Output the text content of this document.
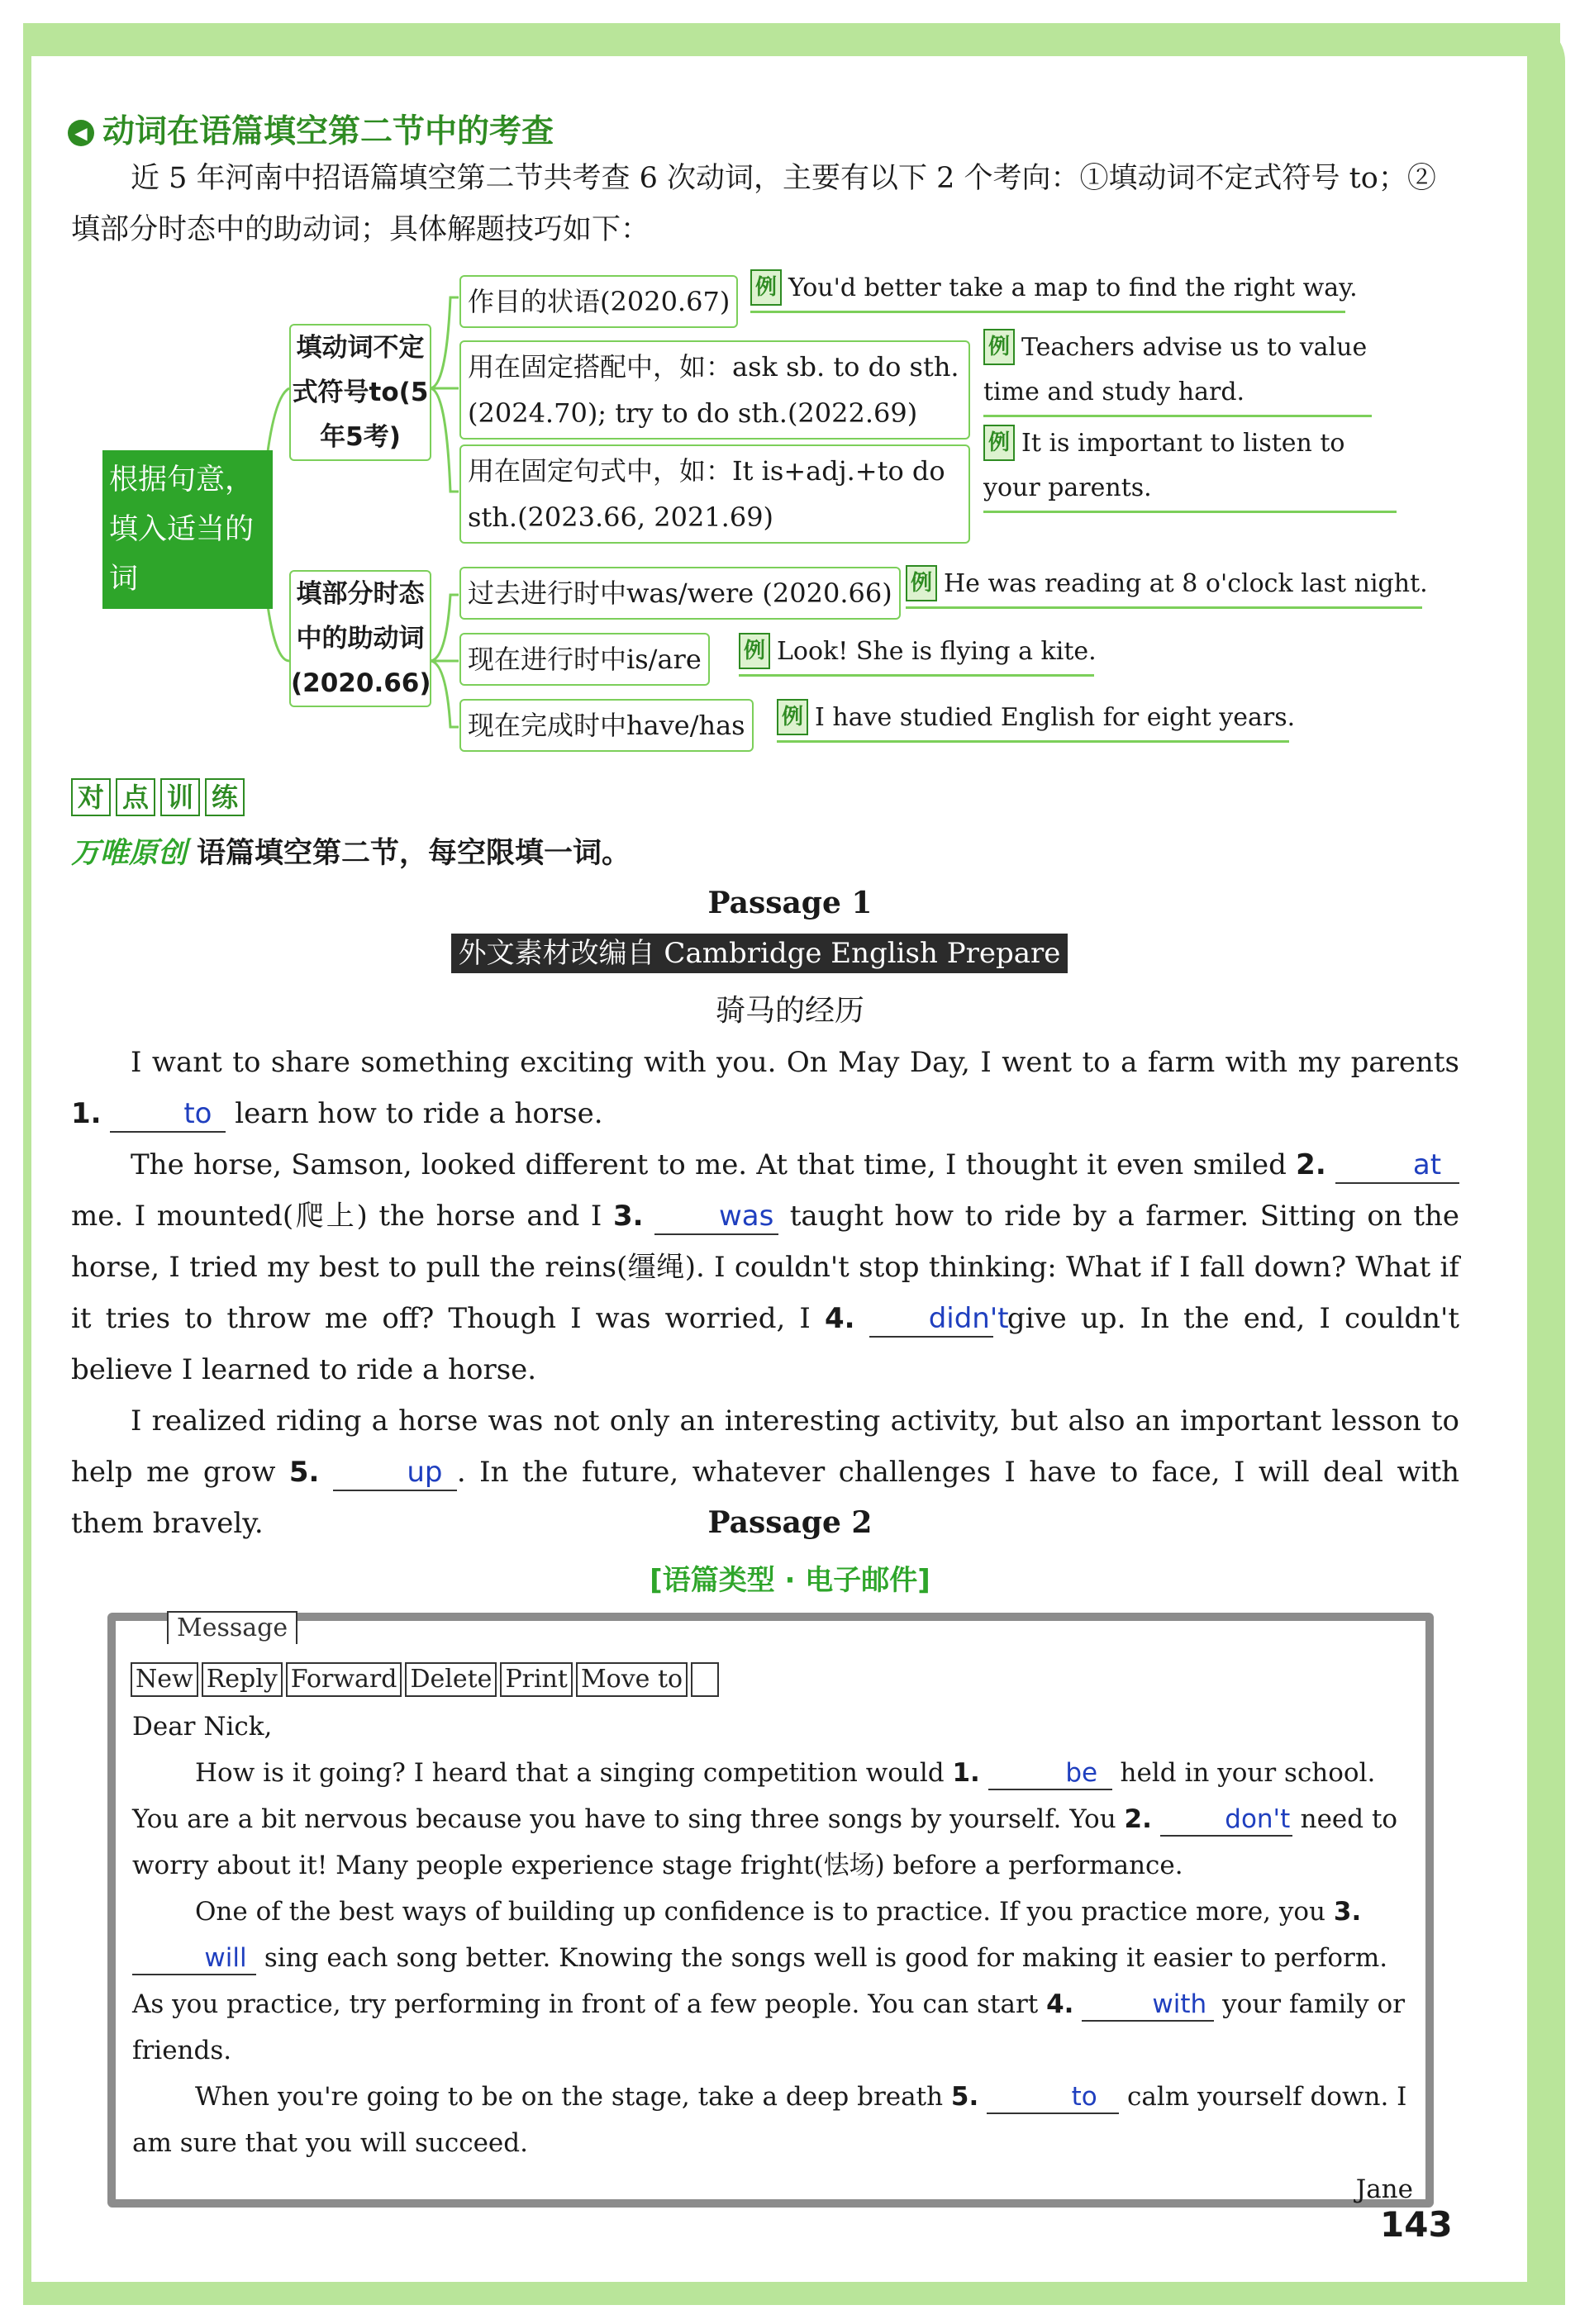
◀ 动词在语篇填空第二节中的考查
近 5 年河南中招语篇填空第二节共考查 6 次动词，主要有以下 2 个考向：①填动词不定式符号 to；②填部分时态中的助动词；具体解题技巧如下：
根据句意，填入适当的词
填动词不定式符号to(5年5考)
填部分时态中的助动词(2020.66)
作目的状语(2020.67)
用在固定搭配中，如：ask sb. to do sth.(2024.70); try to do sth.(2022.69)
用在固定句式中，如：It is+adj.+to do sth.(2023.66, 2021.69)
过去进行时中was/were (2020.66)
现在进行时中is/are
现在完成时中have/has
例 You'd better take a map to find the right way.
例 Teachers advise us to value time and study hard.
例 It is important to listen to your parents.
例 He was reading at 8 o'clock last night.
例 Look! She is flying a kite.
例 I have studied English for eight years.
对 点 训 练
万唯原创 语篇填空第二节，每空限填一词。
Passage 1
外文素材改编自 Cambridge English Prepare
骑马的经历

I want to share something exciting with you. On May Day, I went to a farm with my parents 1.	to learn how to ride a horse.

The horse, Samson, looked different to me. At that time, I thought it even smiled 2.	at me. I mounted(爬上) the horse and I 3.	was taught how to ride by a farmer. Sitting on the horse, I tried my best to pull the reins(缰绳). I couldn't stop thinking: What if I fall down? What if it tries to throw me off? Though I was worried, I 4.	didn't give up. In the end, I couldn't believe I learned to ride a horse.

I realized riding a horse was not only an interesting activity, but also an important lesson to help me grow 5.	up . In the future, whatever challenges I have to face, I will deal with them bravely.	Passage 2
[语篇类型 · 电子邮件]
Message
New Reply Forward Delete Print Move to

Dear Nick,

How is it going? I heard that a singing competition would 1.	be held in your school. You are a bit nervous because you have to sing three songs by yourself. You 2.	don't need to worry about it! Many people experience stage fright(怯场) before a performance.

One of the best ways of building up confidence is to practice. If you practice more, you 3. will sing each song better. Knowing the songs well is good for making it easier to perform. As you practice, try performing in front of a few people. You can start 4.	with your family or friends.

When you're going to be on the stage, take a deep breath 5.	to calm yourself down. I am sure that you will succeed.

Jane

143
